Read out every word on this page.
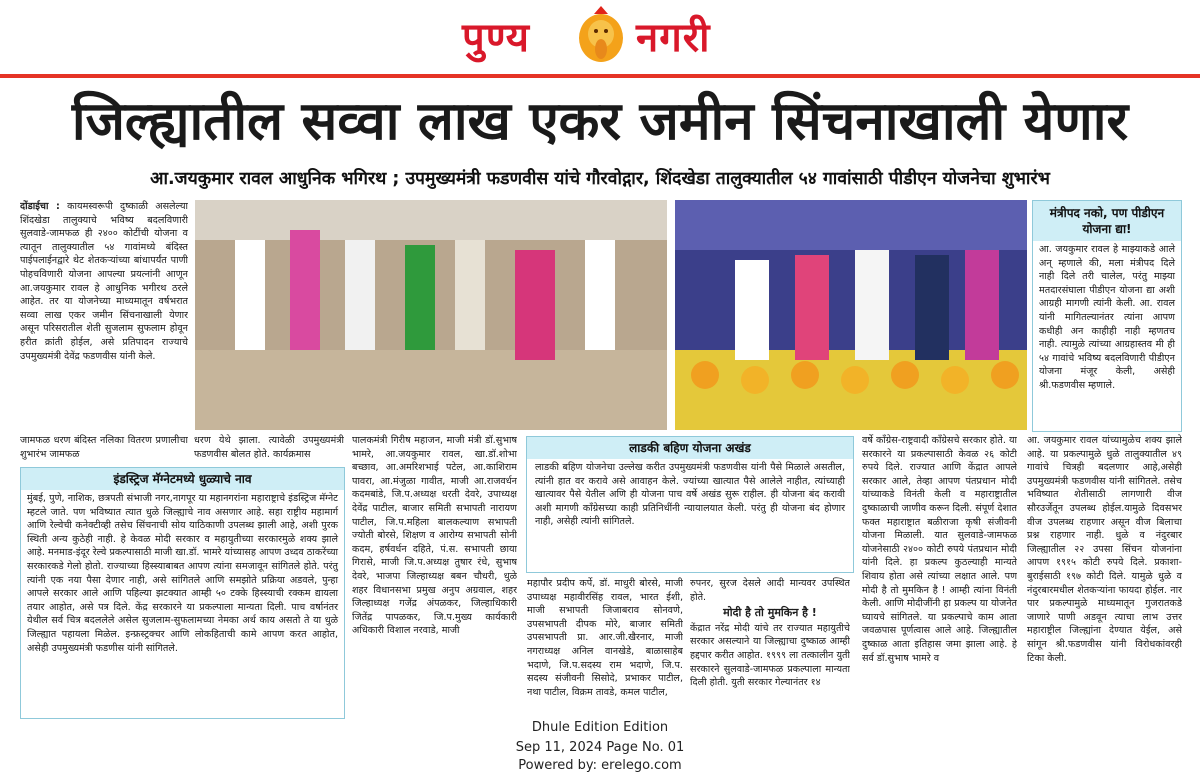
पुण्य	नगरी
जिल्ह्यातील सव्वा लाख एकर जमीन सिंचनाखाली येणार
आ.जयकुमार रावल आधुनिक भगिरथ ; उपमुख्यमंत्री फडणवीस यांचे गौरवोद्गार, शिंदखेडा तालुक्यातील ५४ गावांसाठी पीडीएन योजनेचा शुभारंभ

दोंडाईचा : कायमस्वरूपी दुष्काळी असलेल्या शिंदखेडा तालुक्याचे भविष्य बदलविणारी सुलवाडे-जामफळ ही २४०० कोटींची योजना व त्यातून तालुक्यातील ५४ गावांमध्ये बंदिस्त पाईपलाईनद्वारे थेट शेतकऱ्यांच्या बांधापर्यंत पाणी पोहचविणारी योजना आपल्या प्रयत्नांनी आणून आ.जयकुमार रावल हे आधुनिक भगीरथ ठरले आहेत. तर या योजनेच्या माध्यमातून वर्षभरात सव्वा लाख एकर जमीन सिंचनाखाली येणार असून परिसरातील शेती सुजलाम सुफलाम होवून हरीत क्रांती होईल, असे प्रतिपादन राज्याचे उपमुख्यमंत्री देवेंद्र फडणवीस यांनी केले.

जामफळ धरण बंदिस्त नलिका वितरण प्रणालीचा शुभारंभ जामफळ
धरण येथे झाला. त्यावेळी उपमुख्यमंत्री फडणवीस बोलत होते. कार्यक्रमास
मंत्रीपद नको, पण पीडीएन योजना द्या!
आ. जयकुमार रावल हे माझ्याकडे आले अन् म्हणाले की, मला मंत्रीपद दिले नाही दिले तरी चालेल, परंतु माझ्या मतदारसंघाला पीडीएन योजना द्या अशी आग्रही मागणी त्यांनी केली. आ. रावल यांनी मागितल्यानंतर त्यांना आपण कधीही अन काहीही नाही म्हणतच नाही. त्यामुळे त्यांच्या आग्रहास्तव मी ही ५४ गावांचे भविष्य बदलविणारी पीडीएन योजना मंजूर केली, असेही श्री.फडणवीस म्हणाले.
इंडस्ट्रिज मॅग्नेटमध्ये धुळ्याचे नाव
मुंबई, पुणे, नाशिक, छत्रपती संभाजी नगर,नागपूर या महानगरांना महाराष्ट्राचे इंडस्ट्रिज मॅग्नेट म्हटले जाते. पण भविष्यात त्यात धुळे जिल्ह्याचे नाव असणार आहे. सहा राष्ट्रीय महामार्ग आणि रेल्वेची कनेक्टीव्ही तसेच सिंचनाची सोय याठिकाणी उपलब्ध झाली आहे, अशी पुरक स्थिती अन्य कुठेही नाही. हे केवळ मोदी सरकार व महायुतीच्या सरकारमुळे शक्य झाले आहे. मनमाड-इंदूर रेल्वे प्रकल्पासाठी माजी खा.डॉ. भामरे यांच्यासह आपण उध्दव ठाकरेंच्या सरकारकडे गेलो होतो. राज्याच्या हिस्स्याबाबत आपण त्यांना समजावून सांगितले होते. परंतु त्यांनी एक नया पैसा देणार नाही, असे सांगितले आणि समझोते प्रक्रिया अडवले, पुन्हा आपले सरकार आले आणि पहिल्या झटक्यात आम्ही ५० टक्के हिस्स्याची रक्कम द्यायला तयार आहोत, असे पत्र दिले. केंद्र सरकारने या प्रकल्पाला मान्यता दिली. पाच वर्षानंतर येथील सर्व चित्र बदललेले असेल सुजलाम-सुफलामच्या नेमका अर्थ काय असतो ते या धुळे जिल्ह्यात पहायला मिळेल. इन्फ्रस्ट्रक्चर आणि लोकहिताची कामे आपण करत आहोत, असेही उपमुख्यमंत्री फडणीस यांनी सांगितले.
पालकमंत्री गिरीष महाजन, माजी मंत्री डॉ.सुभाष भामरे, आ.जयकुमार रावल, खा.डॉ.शोभा बच्छाव, आ.अमरिशभाई पटेल, आ.काशिराम पावरा, आ.मंजुळा गावीत, माजी आ.राजवर्धन कदमबांडे, जि.प.अध्यक्ष धरती देवरे, उपाध्यक्ष देवेंद्र पाटील, बाजार समिती सभापती नारायण पाटील, जि.प.महिला बालकल्याण सभापती ज्योती बोरसे, शिक्षण व आरोग्य सभापती सोनी कदम, हर्षवर्धन दहिते, पं.स. सभापती छाया गिरासे, माजी जि.प.अध्यक्ष तुषार रंधे, सुभाष देवरे, भाजपा जिल्हाध्यक्ष बबन चौधरी, धुळे शहर विधानसभा प्रमुख अनुप अग्रवाल, शहर जिल्हाध्यक्ष गजेंद्र अंपळकर, जिल्हाधिकारी जितेंद्र पापळकर, जि.प.मुख्य कार्यकारी अधिकारी विशाल नरवाडे, माजी
लाडकी बहिण योजना अखंड
लाडकी बहिण योजनेचा उल्लेख करीत उपमुख्यमंत्री फडणवीस यांनी पैसे मिळाले असतील, त्यांनी हात वर करावे असे आवाहन केले. ज्यांच्या खात्यात पैसे आलेले नाहीत, त्यांच्याही खात्यावर पैसे येतील अणि ही योजना पाच वर्षे अखंड सुरू राहील. ही योजना बंद करावी अशी मागणी काँग्रेसच्या काही प्रतिनिधींनी न्यायालयात केली. परंतु ही योजना बंद होणार नाही, असेही त्यांनी सांगितले.
महापौर प्रदीप कर्पे, डॉ. माधुरी बोरसे, माजी उपाध्यक्ष महावीरसिंह रावल, भारत ईशी, माजी सभापती जिजाबराव सोनवणे, उपसभापती दीपक मोरे, बाजार समिती उपसभापती प्रा. आर.जी.खैरनार, माजी नगराध्यक्ष अनिल वानखेडे, बाळासाहेब भदाणे, जि.प.सदस्य राम भदाणे, जि.प. सदस्य संजीवनी सिसोदे, प्रभाकर पाटील, नथा पाटील, विक्रम तावडे, कमल पाटील,

रुपनर, सुरज देसले आदी मान्यवर उपस्थित होते.

मोदी है तो मुमकिन है !

केंद्रात नरेंद्र मोदी यांचे तर राज्यात महायुतीचे सरकार असल्याने या जिल्ह्याचा दुष्काळ आम्ही हद्दपार करीत आहोत. १९९९ ला तत्कालीन युती सरकारने सुलवाडे-जामफळ प्रकल्पाला मान्यता दिली होती. युती सरकार गेल्यानंतर १४

वर्षे काँग्रेस-राष्ट्रवादी काँग्रेसचे सरकार होते. या सरकारने या प्रकल्पासाठी केवळ २६ कोटी रुपये दिले. राज्यात आणि केंद्रात आपले सरकार आले, तेव्हा आपण पंतप्रधान मोदी यांच्याकडे विनंती केली व महाराष्ट्रातील दुष्काळाची जाणीव करून दिली. संपूर्ण देशात फक्त महाराष्ट्रात बळीराजा कृषी संजीवनी योजना मिळाली. यात सुलवाडे-जामफळ योजनेसाठी २४०० कोटी रुपये पंतप्रधान मोदी यांनी दिले. हा प्रकल्प कुठल्याही मान्यते शिवाय होता असे त्यांच्या लक्षात आले. पण मोदी है तो मुमकिन है ! आम्ही त्यांना विनंती केली. आणि मोदीजींनी हा प्रकल्प या योजनेत घ्यायचे सांगितले. या प्रकल्पाचे काम आता जवळपास पूर्णत्वास आले आहे. जिल्ह्यातील दुष्काळ आता इतिहास जमा झाला आहे. हे सर्व डॉ.सुभाष भामरे व
आ. जयकुमार रावल यांच्यामुळेच शक्य झाले आहे. या प्रकल्पामुळे धुळे तालुक्यातील ४९ गावांचे चित्रही बदलणार आहे,असेही उपमुख्यमंत्री फडणवीस यांनी सांगितले. तसेच भविष्यात शेतीसाठी लागणारी वीज सौरउर्जेतून उपलब्ध होईल.यामुळे दिवसभर वीज उपलब्ध राहणार असून वीज बिलाचा प्रश्न राहणार नाही. धुळे व नंदुरबार जिल्ह्यातील २२ उपसा सिंचन योजनांना आपण १९१५ कोटी रुपये दिले. प्रकाशा-बुराईसाठी १९७ कोटी दिले. यामुळे धुळे व नंदुरबारमधील शेतकऱ्यांना फायदा होईल. नार पार प्रकल्पामुळे माध्यमातून गुजरातकडे जाणारे पाणी अडवून त्याचा लाभ उत्तर महाराष्ट्रील जिल्ह्यांना देण्यात येईल, असे सांगून श्री.फडणवीस यांनी विरोधकांवरही टिका केली.
Dhule Edition Edition
Sep 11, 2024 Page No. 01
Powered by: erelego.com
